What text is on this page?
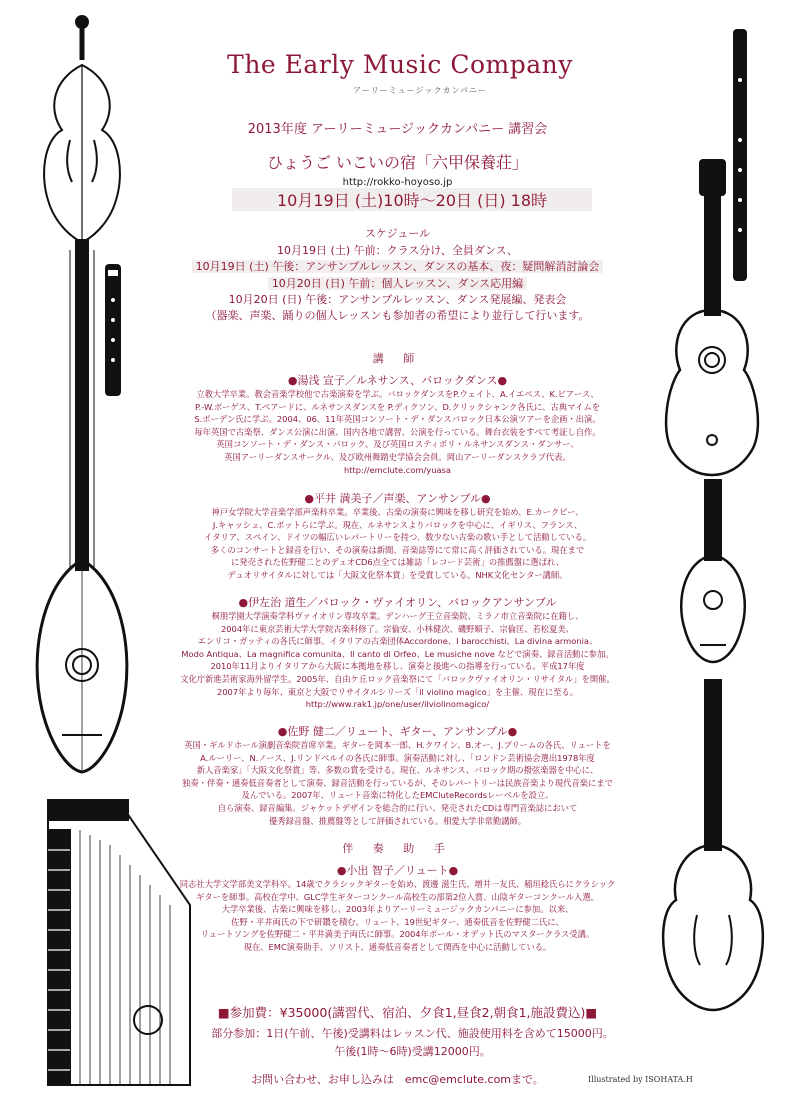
The Early Music Company
アーリーミュージックカンパニー
2013年度 アーリーミュージックカンパニー 講習会
ひょうご いこいの宿「六甲保養荘」
http://rokko-hoyoso.jp
10月19日 (土)10時〜20日 (日) 18時
スケジュール
10月19日 (土) 午前：クラス分け、全員ダンス、
10月19日 (土) 午後：アンサンブルレッスン、ダンスの基本、夜：疑問解消討論会
10月20日 (日) 午前：個人レッスン、ダンス応用編
10月20日 (日) 午後：アンサンブルレッスン、ダンス発展編、発表会
（器楽、声楽、踊りの個人レッスンも参加者の希望により並行して行います。
講 師
●湯浅 宣子／ルネサンス、バロックダンス●
立教大学卒業。教会音楽学校他で古楽演奏を学ぶ。バロックダンスをP.ウェイト、A.イエベス、K.ピアース、
P.-W.ボーゲス、T.ベアードに、ルネサンスダンスを P.ディクソン、D.クリックシャンク各氏に、古典マイムを
S.ボーデン氏に学ぶ。2004、06、11年英国コンソート・デ・ダンスバロック日本公演ツアーを企画・出演。
毎年英国で古楽祭、ダンス公演に出演、国内各地で講習、公演を行っている。舞台衣装をすべて考証し自作。
英国コンソート・デ・ダンス・バロック、及び英国ロスティボリ・ルネサンスダンス・ダンサー、
英国アーリーダンスサークル、及び欧州舞踏史学協会会員。岡山アーリーダンスクラブ代表。
http://emclute.com/yuasa
●平井 満美子／声楽、アンサンブル●
神戸女学院大学音楽学部声楽科卒業。卒業後、古楽の演奏に興味を移し研究を始め、E.カークビー、
J.キャッシュ、C.ボットらに学ぶ。現在、ルネサンスよりバロックを中心に、イギリス、フランス、
イタリア、スペイン、ドイツの幅広いレパートリーを持つ、数少ない古楽の歌い手として活動している。
多くのコンサートと録音を行い、その演奏は新聞、音楽誌等にて常に高く評価されている。現在まで
に発売された佐野健二とのデュオCD6点全ては雑誌「レコード芸術」の推薦盤に選ばれ、
デュオリサイタルに対しては「大阪文化祭本賞」を受賞している。NHK文化センター講師。
●伊左治 道生／バロック・ヴァイオリン、バロックアンサンブル
桐朋学園大学演奏学科ヴァイオリン専攻卒業。デンハーグ王立音楽院、ミラノ市立音楽院に在籍し、
2004年に東京芸術大学大学院古楽科修了。宗倫安、小林健次、磯野順子、宗倫匡、若松夏美、
エンリコ・ガッティの各氏に師事。イタリアの古楽団体Accordone、I barocchisti、La divina armonia、
Modo Antiqua、La magnifica comunita、Il canto di Orfeo、Le musiche nove などで演奏、録音活動に参加。
2010年11月よりイタリアから大阪に本拠地を移し、演奏と後進への指導を行っている。平成17年度
文化庁新進芸術家海外留学生。2005年、自由ケ丘ロック音楽祭にて「バロックヴァイオリン・リサイタル」を開催。
2007年より毎年、東京と大阪でリサイタルシリーズ「il violino magico」を主催、現在に至る。
http://www.rak1.jp/one/user/ilviolinomagico/
●佐野 健二／リュート、ギター、アンサンブル●
英国・ギルドホール演劇音楽院首席卒業。ギターを岡本一郎、H.クワイン、B.オー、J.ブリームの各氏、リュートを
A.ルーリー、N.ノース、J.リンドベルイの各氏に師事。演奏活動に対し、「ロンドン芸術協会選出1978年度
新人音楽家」「大阪文化祭賞」等、多数の賞を受ける。現在、ルネサンス、バロック期の撥弦楽器を中心に、
独奏・伴奏・通奏低音奏者として演奏、録音活動を行っているが、そのレパートリーは民族音楽より現代音楽にまで
及んでいる。2007年、リュート音楽に特化したEMCluteRecordsレーベルを設立、
自ら演奏、録音編集、ジャケットデザインを総合的に行い、発売されたCDは専門音楽誌において
優秀録音盤、推薦盤等として評価されている。相愛大学非常勤講師。
伴 奏 助 手
●小出 智子／リュート●
同志社大学文学部美文学科卒。14歳でクラシックギターを始め、渡邊 滋生氏、増井一友氏、稲垣稔氏らにクラシック
ギターを師事。高校在学中、GLC学生ギターコンクール高校生の部第2位入賞、山陰ギターコンクール入選。
大学卒業後、古楽に興味を移し、2003年よりアーリーミュージックカンパニーに参加。以来、
佐野・平井両氏の下で研鑽を積む。リュート、19世紀ギター、通奏低音を佐野健二氏に、
リュートソングを佐野健二・平井満美子両氏に師事。2004年ポール・オデット氏のマスタークラス受講。
現在、EMC演奏助手、ソリスト、通奏低音奏者として関西を中心に活動している。
■参加費：¥35000(講習代、宿泊、夕食1,昼食2,朝食1,施設費込)■
部分参加：1日(午前、午後)受講料はレッスン代、施設使用料を含めて15000円。
午後(1時〜6時)受講12000円。
お問い合わせ、お申し込みは　emc@emclute.comまで。	Illustrated by ISOHATA.H
